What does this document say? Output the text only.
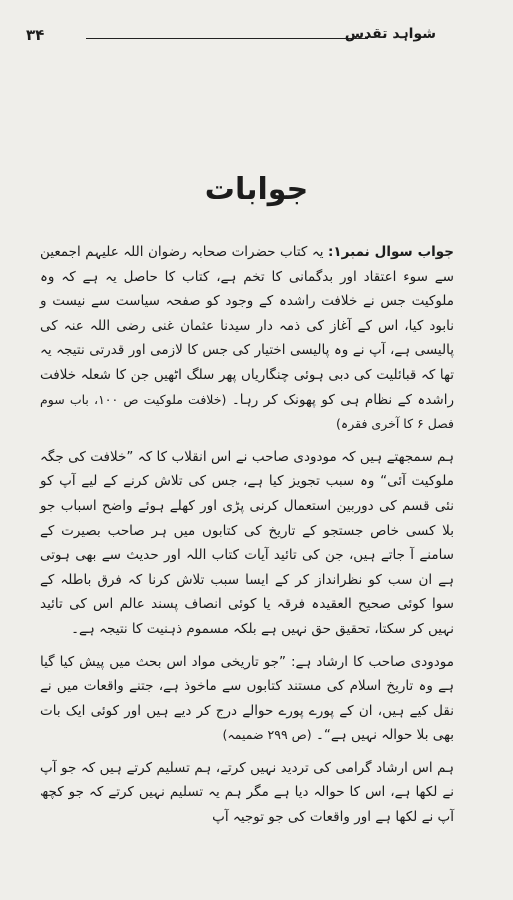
۳۴	شواہد تقدس
جوابات

جواب سوال نمبر۱: یہ کتاب حضرات صحابہ رضوان اللہ علیہم اجمعین سے سوء اعتقاد اور بدگمانی کا تخم ہے، کتاب کا حاصل یہ ہے کہ وہ ملوکیت جس نے خلافت راشدہ کے وجود کو صفحہ سیاست سے نیست و نابود کیا، اس کے آغاز کی ذمہ دار سیدنا عثمان غنی رضی اللہ عنہ کی پالیسی ہے، آپ نے وہ پالیسی اختیار کی جس کا لازمی اور قدرتی نتیجہ یہ تھا کہ قبائلیت کی دبی ہوئی چنگاریاں پھر سلگ اٹھیں جن کا شعلہ خلافت راشدہ کے نظام ہی کو پھونک کر رہا۔ (خلافت ملوکیت ص ۱۰۰، باب سوم فصل ۶ کا آخری فقرہ)

ہم سمجھتے ہیں کہ مودودی صاحب نے اس انقلاب کا کہ ”خلافت کی جگہ ملوکیت آئی“ وہ سبب تجویز کیا ہے، جس کی تلاش کرنے کے لیے آپ کو نئی قسم کی دوربین استعمال کرنی پڑی اور کھلے ہوئے واضح اسباب جو بلا کسی خاص جستجو کے تاریخ کی کتابوں میں ہر صاحب بصیرت کے سامنے آ جاتے ہیں، جن کی تائید آیات کتاب اللہ اور حدیث سے بھی ہوتی ہے ان سب کو نظرانداز کر کے ایسا سبب تلاش کرنا کہ فرق باطلہ کے سوا کوئی صحیح العقیدہ فرقہ یا کوئی انصاف پسند عالم اس کی تائید نہیں کر سکتا، تحقیق حق نہیں ہے بلکہ مسموم ذہنیت کا نتیجہ ہے۔

مودودی صاحب کا ارشاد ہے: ”جو تاریخی مواد اس بحث میں پیش کیا گیا ہے وہ تاریخ اسلام کی مستند کتابوں سے ماخوذ ہے، جتنے واقعات میں نے نقل کیے ہیں، ان کے پورے پورے حوالے درج کر دیے ہیں اور کوئی ایک بات بھی بلا حوالہ نہیں ہے“۔ (ص ۲۹۹ ضمیمہ)

ہم اس ارشاد گرامی کی تردید نہیں کرتے، ہم تسلیم کرتے ہیں کہ جو آپ نے لکھا ہے، اس کا حوالہ دیا ہے مگر ہم یہ تسلیم نہیں کرتے کہ جو کچھ آپ نے لکھا ہے اور واقعات کی جو توجیہ آپ
